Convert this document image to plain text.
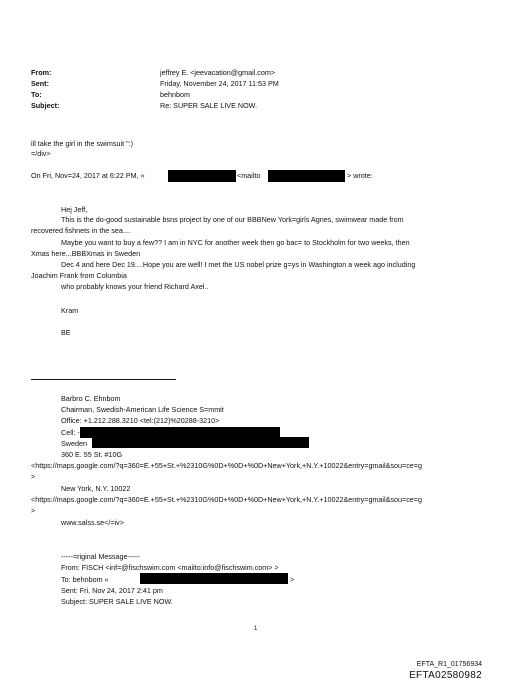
From:	jeffrey E. <jeevacation@gmail.com>
Sent:	Friday, November 24, 2017 11:53 PM
To:	behnbom
Subject:	Re: SUPER SALE LIVE NOW.
ill take the girl in the swimsuit ":)
=/div>
On Fri, Nov=24, 2017 at 6:22 PM, «	<mailto	> wrote:
Hej Jeff,
This is the do-good sustainable bsns project by one of our BBBNew York=girls Agnes, swimwear made from
recovered fishnets in the sea....
Maybe you want to buy a few?? I am in NYC for another week then go bac= to Stockholm for two weeks, then
Xmas here...BBBXmas in Sweden
Dec 4 and here Dec 19....Hope you are well! I met the US nobel prize g=ys in Washington a week ago including
Joachim Frank from Columbia
who probably knows your friend Richard Axel..
Kram
BE
Barbro C. Ehnbom
Chairman, Swedish-American Life Science S=mmit
Office: +1.212.288.3210 <tel:(212)%20288-3210>
Cell: -
Sweden
360 E. 55 St. #10G
<https://maps.google.com/?q=360=E.+55+St.+%2310G%0D+%0D+%0D+New+York,+N.Y.+10022&entry=gmail&sou=ce=g
>
New York, N.Y. 10022
<https://maps.google.com/?q=360=E.+55+St.+%2310G%0D+%0D+%0D+New+York,+N.Y.+10022&entry=gmail&sou=ce=g
>
www.salss.se</=iv>
-----=riginal Message-----
From: FISCH <inf=@fischswim.com <mailto:info@fischswim.com> >
To: behnbom «	>
Sent: Fri, Nov 24, 2017 2:41 pm
Subject: SUPER SALE LIVE NOW.
1
EFTA_R1_01756934
EFTA02580982
